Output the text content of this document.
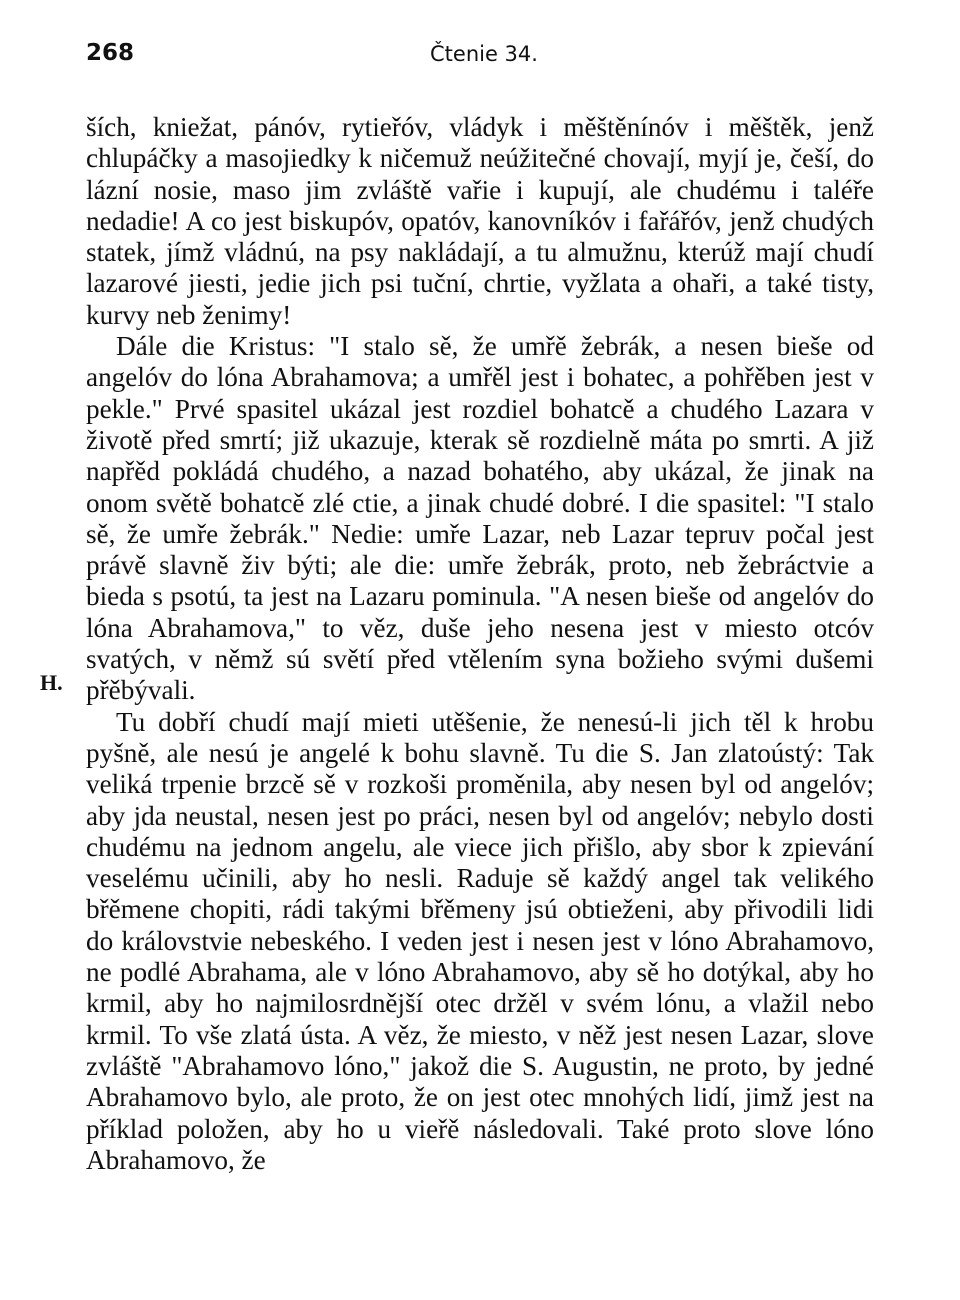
268	Čtenie 34.
H.

ších, kniežat, pánóv, rytieřóv, vládyk i měštěnínóv i měštěk, jenž chlupáčky a masojiedky k ničemuž neúžitečné chovají, myjí je, češí, do lázní nosie, maso jim zvláště vařie i kupují, ale chudému i taléře nedadie! A co jest biskupóv, opatóv, kanovníkóv i fařářóv, jenž chudých statek, jímž vládnú, na psy nakládají, a tu almužnu, kterúž mají chudí lazarové jiesti, jedie jich psi tuční, chrtie, vyžlata a ohaři, a také tisty, kurvy neb ženimy!

Dále die Kristus: "I stalo sě, že umřě žebrák, a nesen bieše od angelóv do lóna Abrahamova; a umřěl jest i bohatec, a pohřěben jest v pekle." Prvé spasitel ukázal jest rozdiel bohatcě a chudého Lazara v životě před smrtí; již ukazuje, kterak sě rozdielně máta po smrti. A již napřěd pokládá chudého, a nazad bohatého, aby ukázal, že jinak na onom světě bohatcě zlé ctie, a jinak chudé dobré. I die spasitel: "I stalo sě, že umře žebrák." Nedie: umře Lazar, neb Lazar tepruv počal jest právě slavně živ býti; ale die: umře žebrák, proto, neb žebráctvie a bieda s psotú, ta jest na Lazaru pominula. "A nesen bieše od angelóv do lóna Abrahamova," to věz, duše jeho nesena jest v miesto otcóv svatých, v němž sú světí před vtělením syna božieho svými dušemi přěbývali.

Tu dobří chudí mají mieti utěšenie, že nenesú-li jich těl k hrobu pyšně, ale nesú je angelé k bohu slavně. Tu die S. Jan zlatoústý: Tak veliká trpenie brzcě sě v rozkoši proměnila, aby nesen byl od angelóv; aby jda neustal, nesen jest po práci, nesen byl od angelóv; nebylo dosti chudému na jednom angelu, ale viece jich přišlo, aby sbor k zpievání veselému učinili, aby ho nesli. Raduje sě každý angel tak velikého břěmene chopiti, rádi takými břěmeny jsú obtieženi, aby přivodili lidi do královstvie nebeského. I veden jest i nesen jest v lóno Abrahamovo, ne podlé Abrahama, ale v lóno Abrahamovo, aby sě ho dotýkal, aby ho krmil, aby ho najmilosrdnější otec držěl v svém lónu, a vlažil nebo krmil. To vše zlatá ústa. A věz, že miesto, v něž jest nesen Lazar, slove zvláště "Abrahamovo lóno," jakož die S. Augustin, ne proto, by jedné Abrahamovo bylo, ale proto, že on jest otec mnohých lidí, jimž jest na příklad položen, aby ho u vieřě následovali. Také proto slove lóno Abrahamovo, že
